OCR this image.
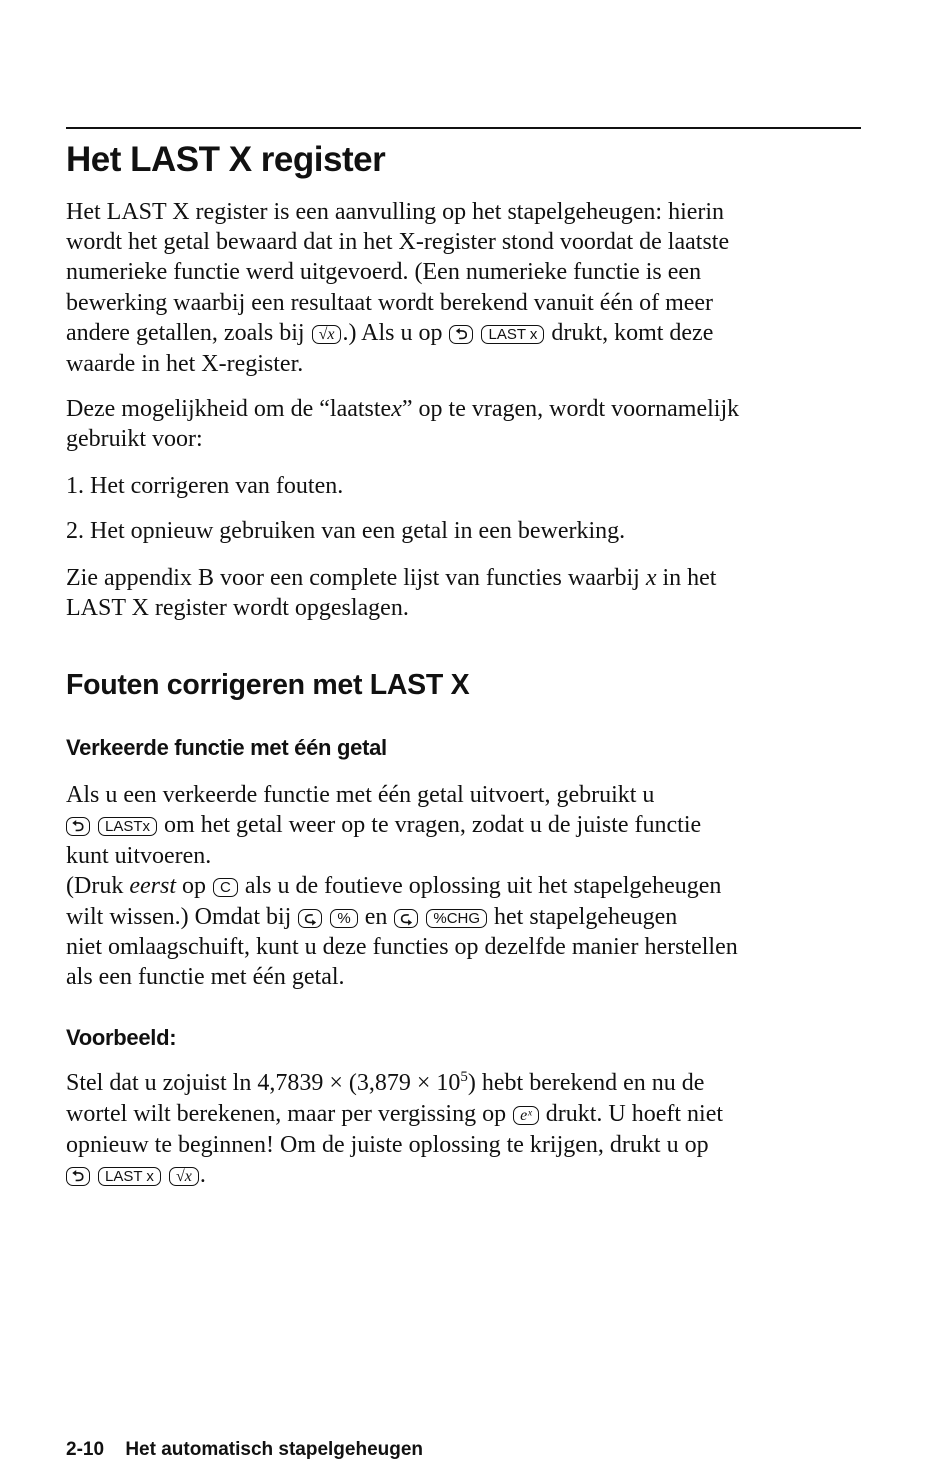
Het LAST X register
Het LAST X register is een aanvulling op het stapelgeheugen: hierin
wordt het getal bewaard dat in het X-register stond voordat de laatste
numerieke functie werd uitgevoerd. (Een numerieke functie is een
bewerking waarbij een resultaat wordt berekend vanuit één of meer
andere getallen, zoals bij √x .) Als u op ⮌ LAST x drukt, komt deze
waarde in het X-register.
Deze mogelijkheid om de “laatstex” op te vragen, wordt voornamelijk
gebruikt voor:
1. Het corrigeren van fouten.
2. Het opnieuw gebruiken van een getal in een bewerking.
Zie appendix B voor een complete lijst van functies waarbij x in het
LAST X register wordt opgeslagen.
Fouten corrigeren met LAST X
Verkeerde functie met één getal
Als u een verkeerde functie met één getal uitvoert, gebruikt u
⮌ LASTx om het getal weer op te vragen, zodat u de juiste functie
kunt uitvoeren.
(Druk eerst op C als u de foutieve oplossing uit het stapelgeheugen
wilt wissen.) Omdat bij ⮎ % en ⮎ %CHG het stapelgeheugen
niet omlaagschuift, kunt u deze functies op dezelfde manier herstellen
als een functie met één getal.
Voorbeeld:
Stel dat u zojuist $\ln 4,7839 \times (3,879 \times 10^5)$ hebt berekend en nu de
wortel wilt berekenen, maar per vergissing op eˣ drukt. U hoeft niet
opnieuw te beginnen! Om de juiste oplossing te krijgen, drukt u op
⮌ LAST x √x .
2-10 Het automatisch stapelgeheugen
